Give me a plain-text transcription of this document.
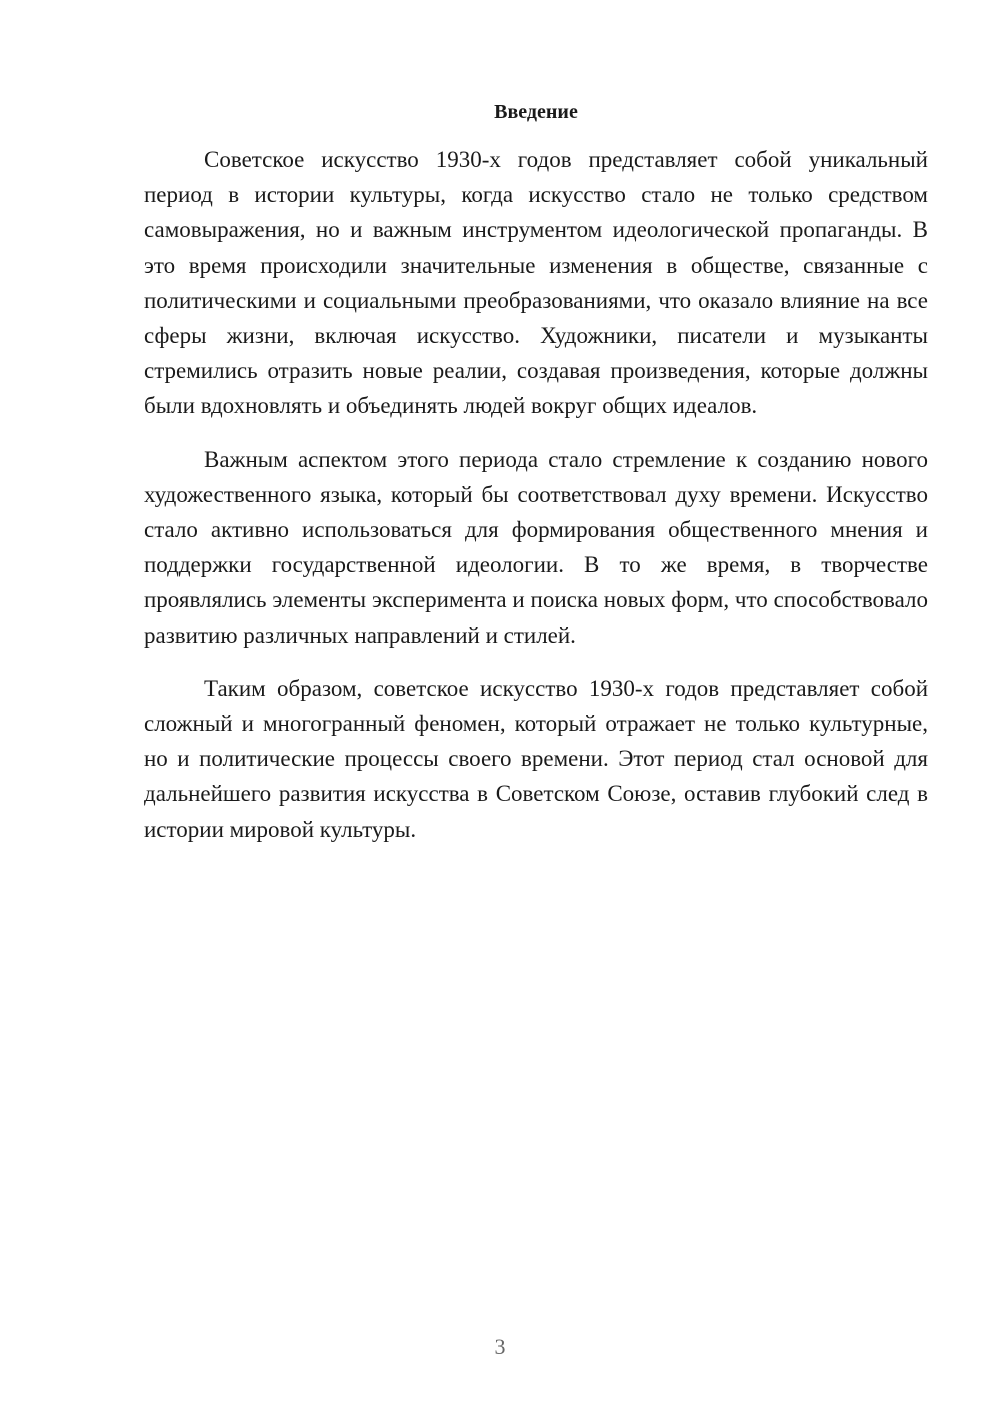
Введение

Советское искусство 1930-х годов представляет собой уникальный период в истории культуры, когда искусство стало не только средством самовыражения, но и важным инструментом идеологической пропаганды. В это время происходили значительные изменения в обществе, связанные с политическими и социальными преобразованиями, что оказало влияние на все сферы жизни, включая искусство. Художники, писатели и музыканты стремились отразить новые реалии, создавая произведения, которые должны были вдохновлять и объединять людей вокруг общих идеалов.

Важным аспектом этого периода стало стремление к созданию нового художественного языка, который бы соответствовал духу времени. Искусство стало активно использоваться для формирования общественного мнения и поддержки государственной идеологии. В то же время, в творчестве проявлялись элементы эксперимента и поиска новых форм, что способствовало развитию различных направлений и стилей.

Таким образом, советское искусство 1930-х годов представляет собой сложный и многогранный феномен, который отражает не только культурные, но и политические процессы своего времени. Этот период стал основой для дальнейшего развития искусства в Советском Союзе, оставив глубокий след в истории мировой культуры.

3
